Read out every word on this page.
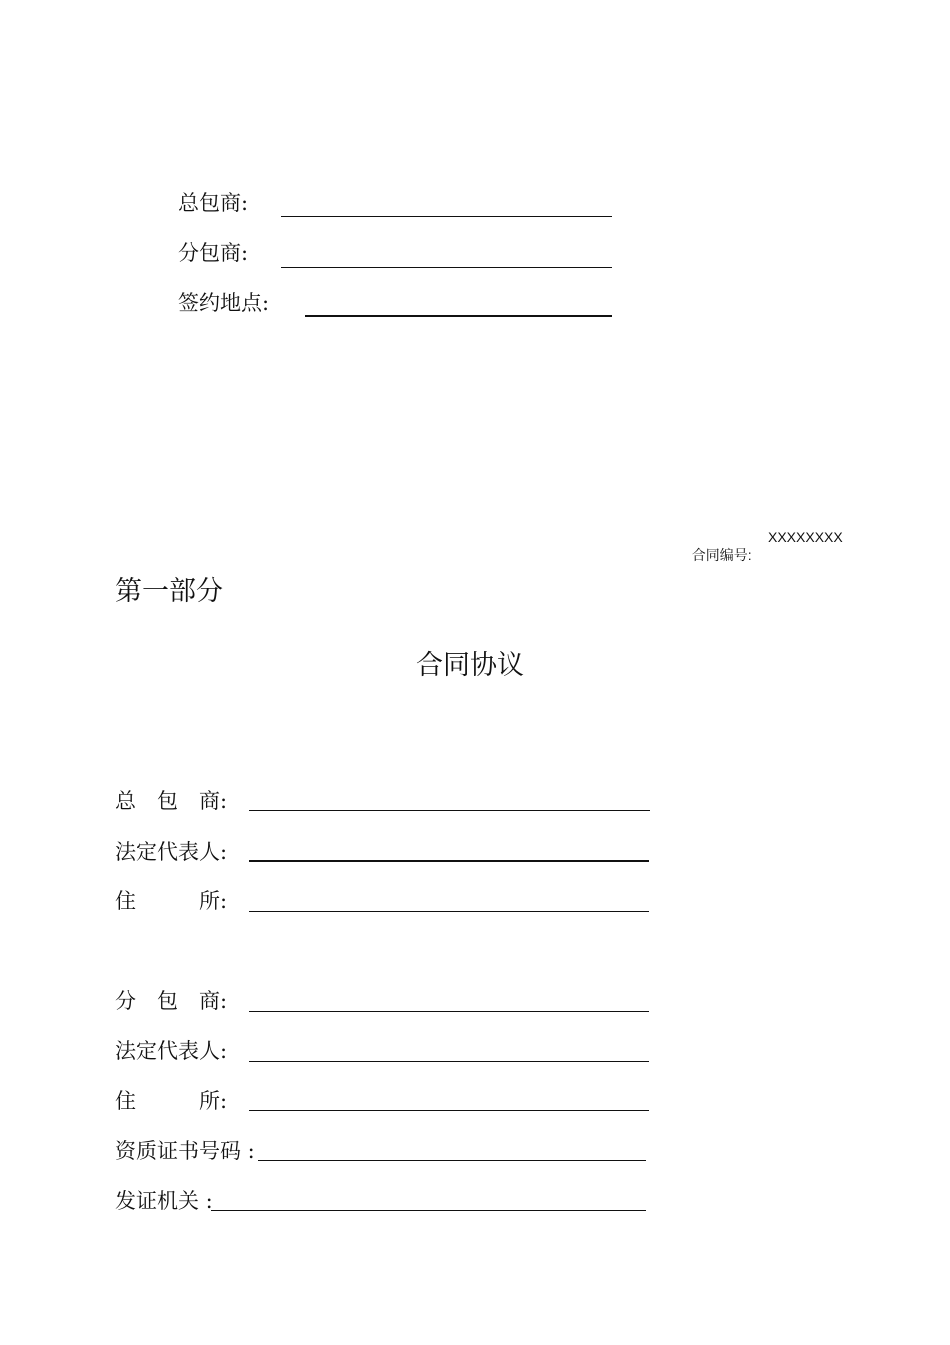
总包商:
分包商:
签约地点:

合同编号:

XXXXXXXX

第一部分
合同协议
总　包　商:
法定代表人:
住　　　所:
分　包　商:
法定代表人:
住　　　所:
资质证书号码 :
发证机关 :
